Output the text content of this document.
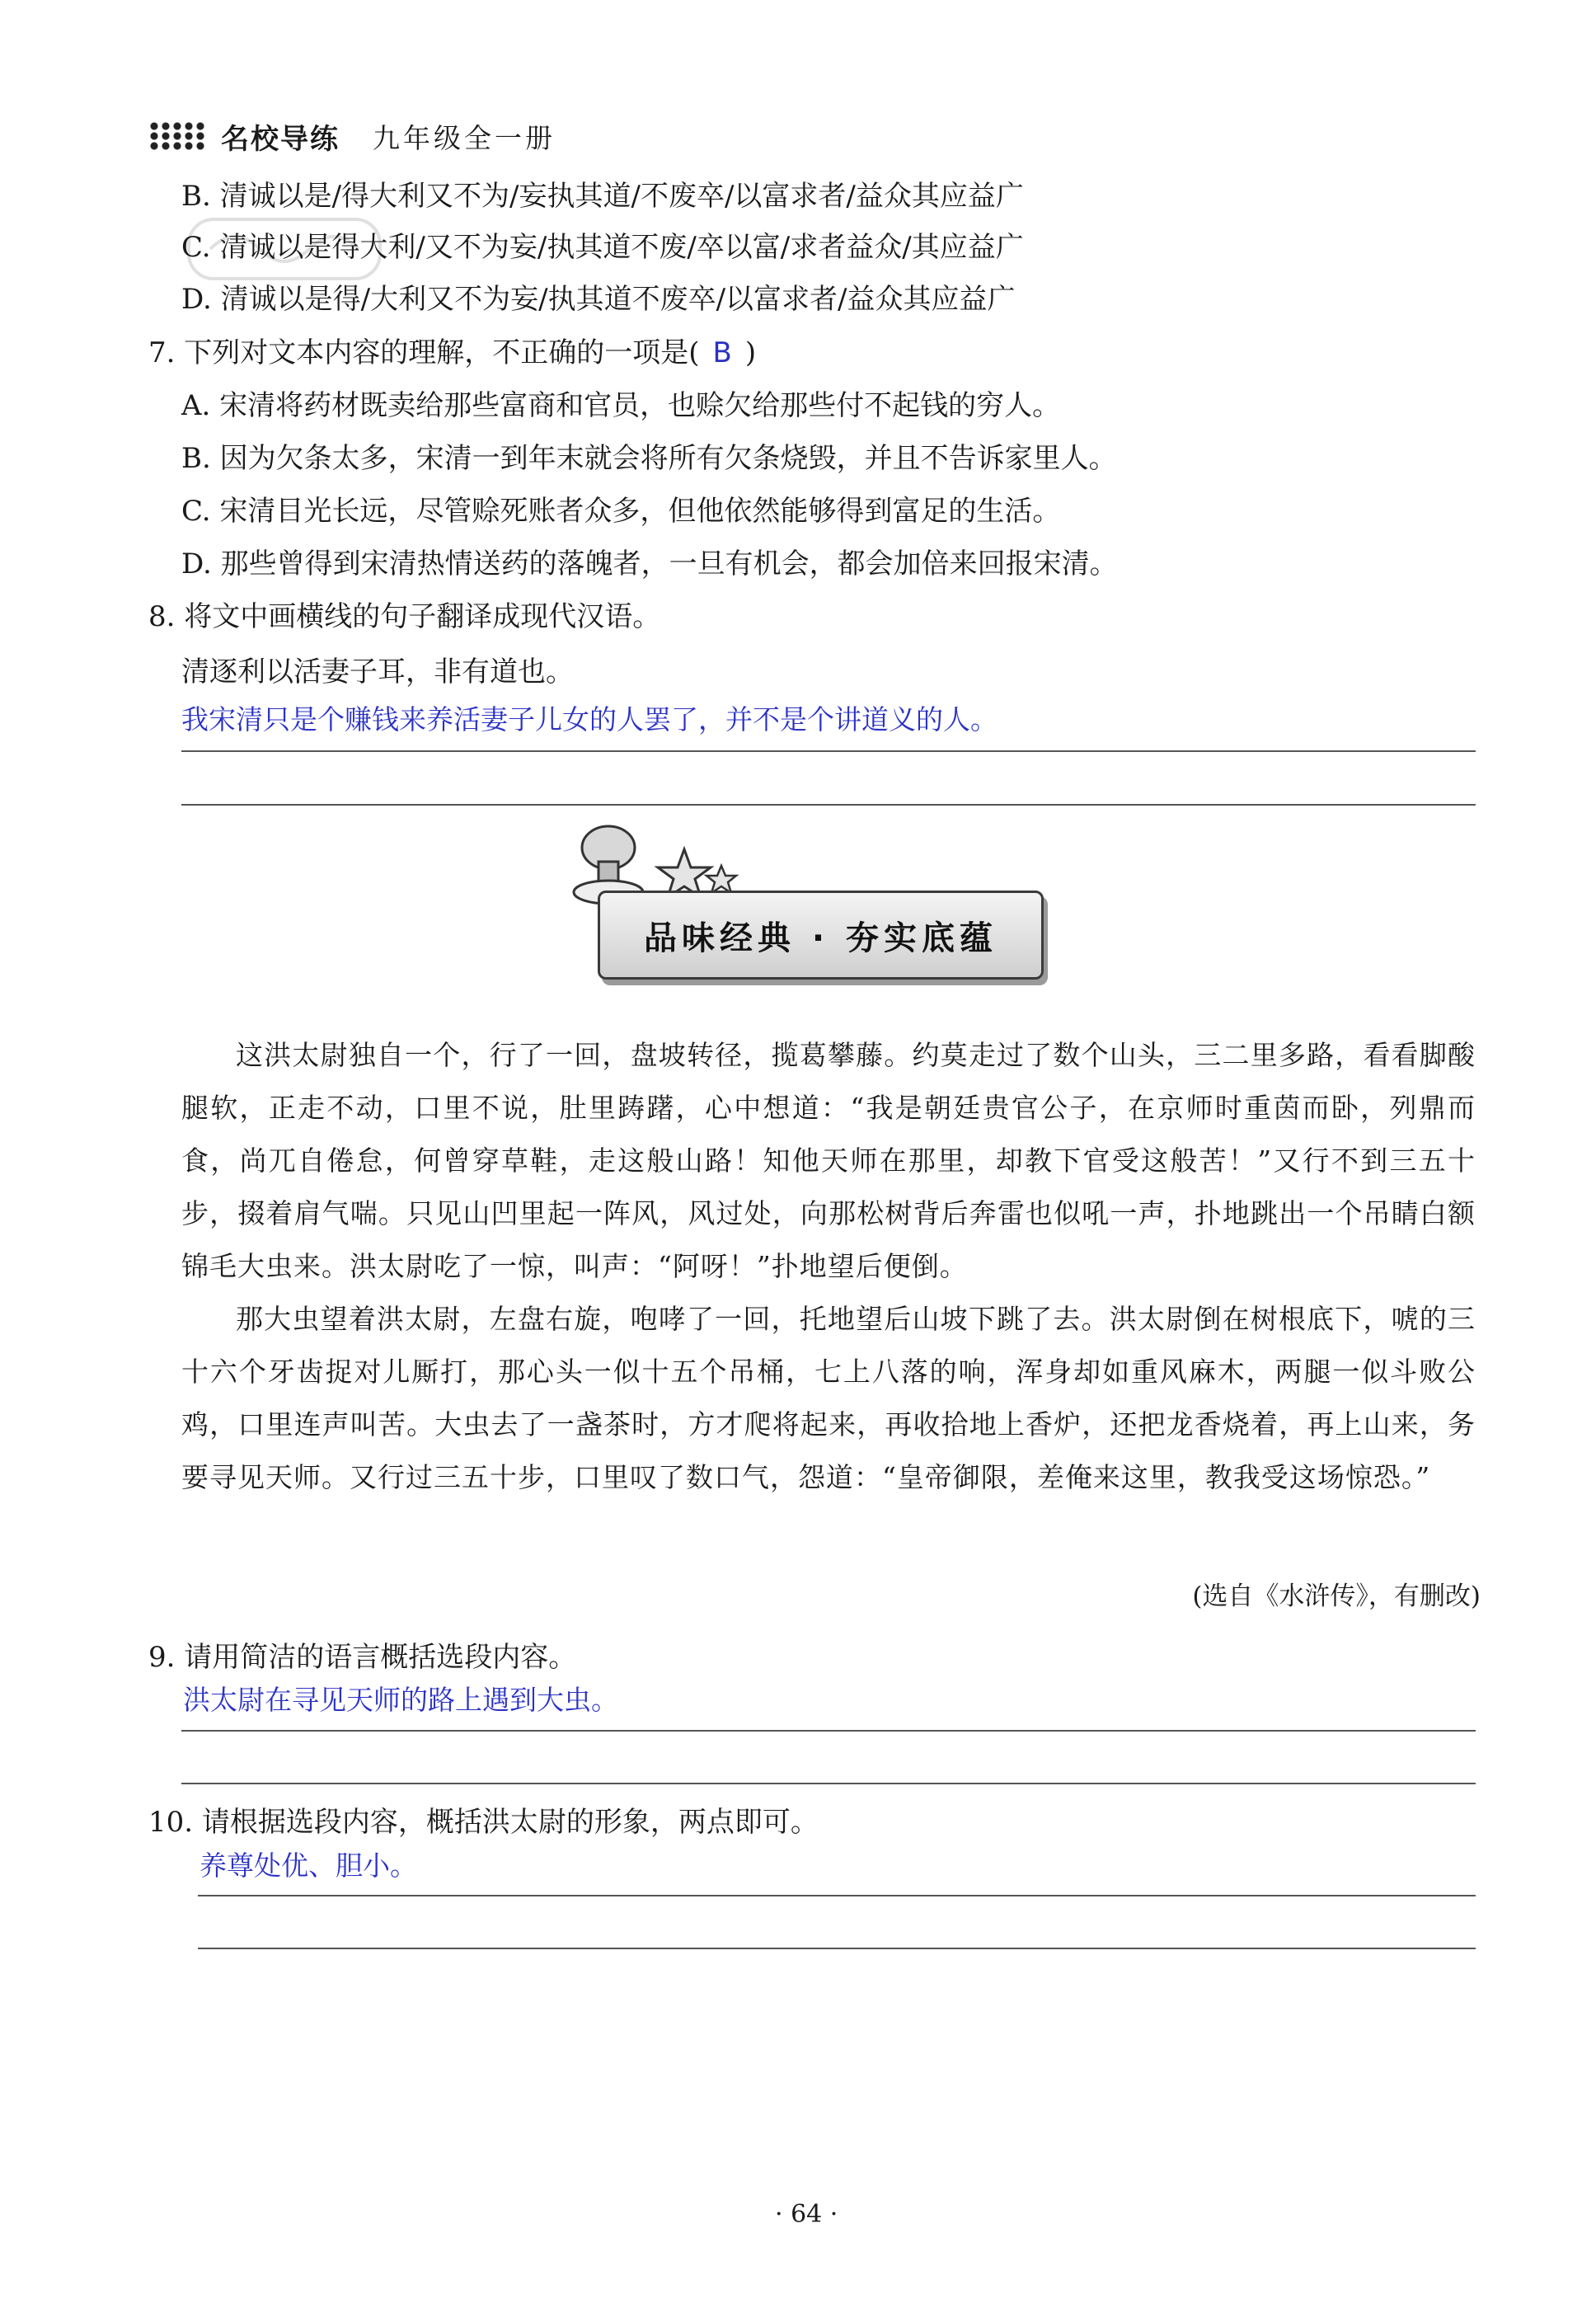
名校导练 九年级全一册
B. 清诚以是/得大利又不为/妄执其道/不废卒/以富求者/益众其应益广
C. 清诚以是得大利/又不为妄/执其道不废/卒以富/求者益众/其应益广
D. 清诚以是得/大利又不为妄/执其道不废卒/以富求者/益众其应益广
7. 下列对文本内容的理解，不正确的一项是( B )
A. 宋清将药材既卖给那些富商和官员，也赊欠给那些付不起钱的穷人。
B. 因为欠条太多，宋清一到年末就会将所有欠条烧毁，并且不告诉家里人。
C. 宋清目光长远，尽管赊死账者众多，但他依然能够得到富足的生活。
D. 那些曾得到宋清热情送药的落魄者，一旦有机会，都会加倍来回报宋清。
8. 将文中画横线的句子翻译成现代汉语。
清逐利以活妻子耳，非有道也。
我宋清只是个赚钱来养活妻子儿女的人罢了，并不是个讲道义的人。
品味经典 · 夯实底蕴
这洪太尉独自一个，行了一回，盘坡转径，揽葛攀藤。约莫走过了数个山头，三二里多路，看看脚酸腿软，正走不动，口里不说，肚里踌躇，心中想道：“我是朝廷贵官公子，在京师时重茵而卧，列鼎而食，尚兀自倦怠，何曾穿草鞋，走这般山路！知他天师在那里，却教下官受这般苦！”又行不到三五十步，掇着肩气喘。只见山凹里起一阵风，风过处，向那松树背后奔雷也似吼一声，扑地跳出一个吊睛白额锦毛大虫来。洪太尉吃了一惊，叫声：“阿呀！”扑地望后便倒。
那大虫望着洪太尉，左盘右旋，咆哮了一回，托地望后山坡下跳了去。洪太尉倒在树根底下，唬的三十六个牙齿捉对儿厮打，那心头一似十五个吊桶，七上八落的响，浑身却如重风麻木，两腿一似斗败公鸡，口里连声叫苦。大虫去了一盏茶时，方才爬将起来，再收拾地上香炉，还把龙香烧着，再上山来，务要寻见天师。又行过三五十步，口里叹了数口气，怨道：“皇帝御限，差俺来这里，教我受这场惊恐。”
(选自《水浒传》，有删改)
9. 请用简洁的语言概括选段内容。
洪太尉在寻见天师的路上遇到大虫。
10. 请根据选段内容，概括洪太尉的形象，两点即可。
养尊处优、胆小。
· 64 ·
